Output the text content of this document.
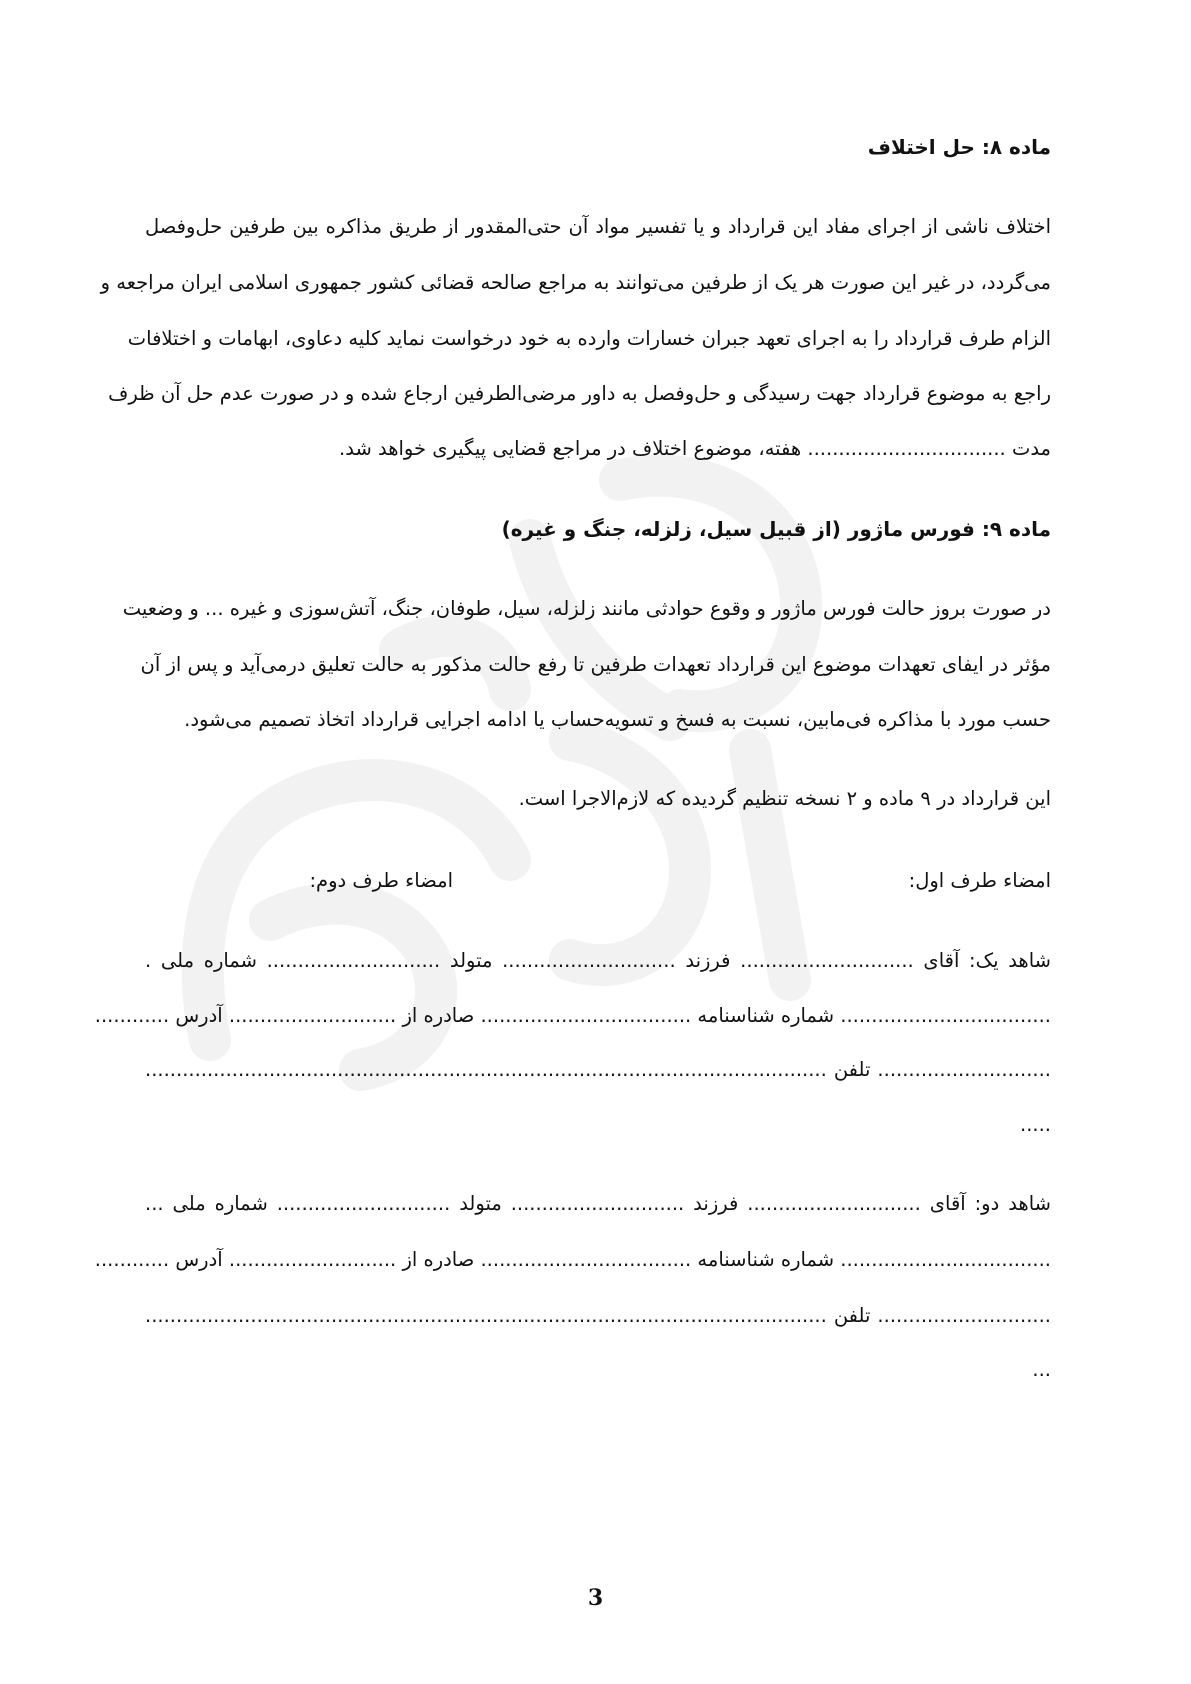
ماده ۸: حل اختلاف
اختلاف ناشی از اجرای مفاد این قرارداد و یا تفسیر مواد آن حتی‌المقدور از طریق مذاکره بین طرفین حل‌وفصل
می‌گردد، در غیر این صورت هر یک از طرفین می‌توانند به مراجع صالحه قضائی کشور جمهوری اسلامی ایران مراجعه و
الزام طرف قرارداد را به اجرای تعهد جبران خسارات وارده به خود درخواست نماید کلیه دعاوی، ابهامات و اختلافات
راجع به موضوع قرارداد جهت رسیدگی و حل‌وفصل به داور مرضی‌الطرفین ارجاع شده و در صورت عدم حل آن ظرف
مدت ................................ هفته، موضوع اختلاف در مراجع قضایی پیگیری خواهد شد.
ماده ۹: فورس ماژور (از قبیل سیل، زلزله، جنگ و غیره)
در صورت بروز حالت فورس ماژور و وقوع حوادثی مانند زلزله، سیل، طوفان، جنگ، آتش‌سوزی و غیره ... و وضعیت
مؤثر در ایفای تعهدات موضوع این قرارداد تعهدات طرفین تا رفع حالت مذکور به حالت تعلیق درمی‌آید و پس از آن
حسب مورد با مذاکره فی‌مابین، نسبت به فسخ و تسویه‌حساب یا ادامه اجرایی قرارداد اتخاذ تصمیم می‌شود.
این قرارداد در ۹ ماده و ۲ نسخه تنظیم گردیده که لازم‌الاجرا است.
امضاء طرف اول:
امضاء طرف دوم:
شاهد یک: آقای ............................ فرزند ............................ متولد ............................ شماره ملی .
.................................. شماره شناسنامه .................................. صادره از ........................... آدرس ............
............................ تلفن ..............................................................................................................
.....
شاهد دو: آقای ............................ فرزند ............................ متولد ............................ شماره ملی ...
.................................. شماره شناسنامه .................................. صادره از ........................... آدرس ............
............................ تلفن ..............................................................................................................
...
3
